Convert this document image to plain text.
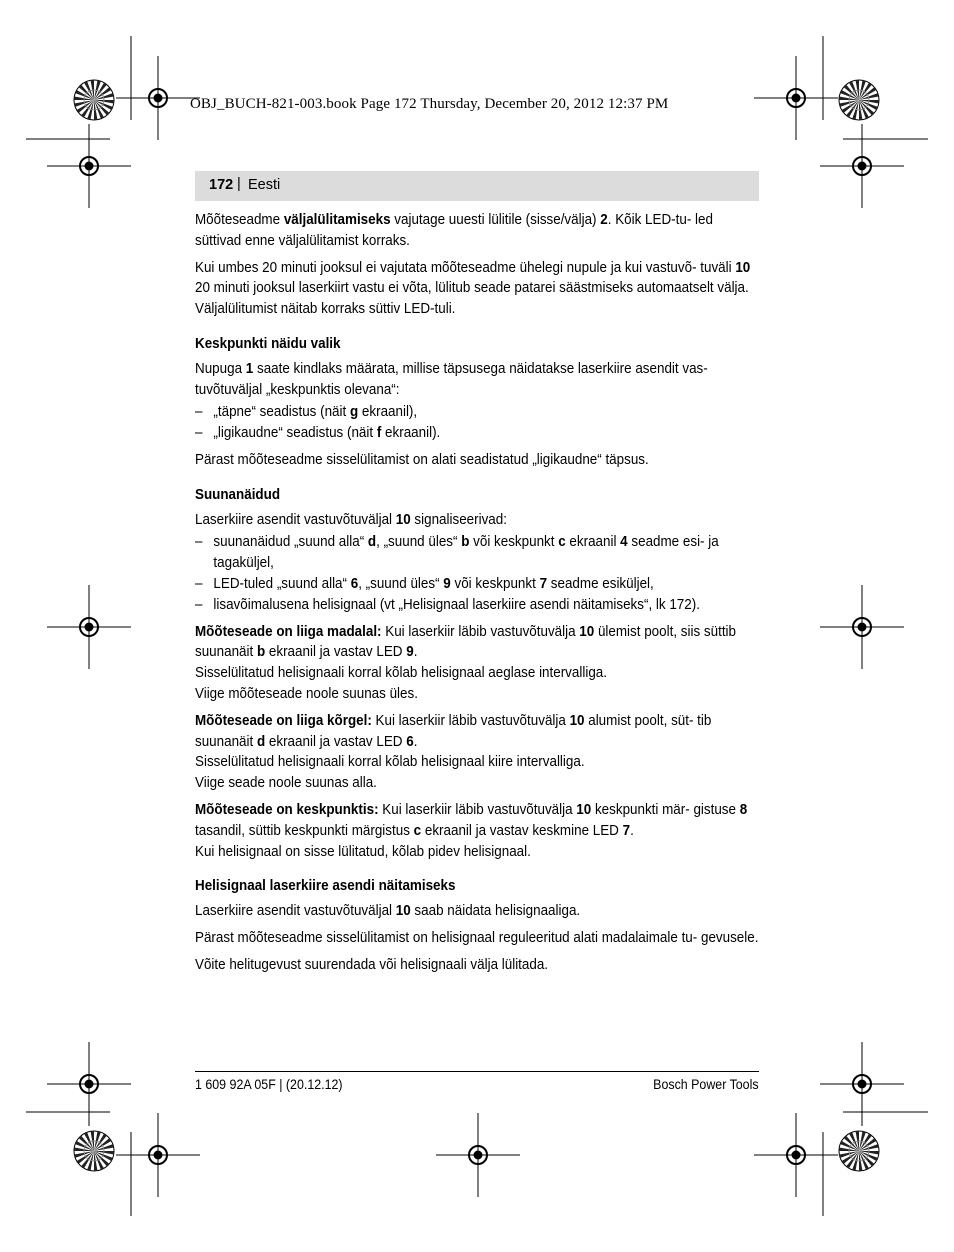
OBJ_BUCH-821-003.book Page 172 Thursday, December 20, 2012 12:37 PM
172 | Eesti

Mõõteseadme väljalülitamiseks vajutage uuesti lülitile (sisse/välja) 2. Kõik LED-tu- led süttivad enne väljalülitamist korraks.

Kui umbes 20 minuti jooksul ei vajutata mõõteseadme ühelegi nupule ja kui vastuvõ- tuväli 10 20 minuti jooksul laserkiirt vastu ei võta, lülitub seade patarei säästmiseks automaatselt välja. Väljalülitumist näitab korraks süttiv LED-tuli.

Keskpunkti näidu valik

Nupuga 1 saate kindlaks määrata, millise täpsusega näidatakse laserkiire asendit vas- tuvõtuväljal „keskpunktis olevana“:

– „täpne“ seadistus (näit g ekraanil),
– „ligikaudne“ seadistus (näit f ekraanil).

Pärast mõõteseadme sisselülitamist on alati seadistatud „ligikaudne“ täpsus.

Suunanäidud

Laserkiire asendit vastuvõtuväljal 10 signaliseerivad:

– suunanäidud „suund alla“ d, „suund üles“ b või keskpunkt c ekraanil 4 seadme esi- ja tagaküljel,
– LED-tuled „suund alla“ 6, „suund üles“ 9 või keskpunkt 7 seadme esiküljel,
– lisavõimalusena helisignaal (vt „Helisignaal laserkiire asendi näitamiseks“, lk 172).

Mõõteseade on liiga madalal: Kui laserkiir läbib vastuvõtuvälja 10 ülemist poolt, siis süttib suunanäit b ekraanil ja vastav LED 9.
Sisselülitatud helisignaali korral kõlab helisignaal aeglase intervalliga.
Viige mõõteseade noole suunas üles.

Mõõteseade on liiga kõrgel: Kui laserkiir läbib vastuvõtuvälja 10 alumist poolt, süt- tib suunanäit d ekraanil ja vastav LED 6.
Sisselülitatud helisignaali korral kõlab helisignaal kiire intervalliga.
Viige seade noole suunas alla.

Mõõteseade on keskpunktis: Kui laserkiir läbib vastuvõtuvälja 10 keskpunkti mär- gistuse 8 tasandil, süttib keskpunkti märgistus c ekraanil ja vastav keskmine LED 7.
Kui helisignaal on sisse lülitatud, kõlab pidev helisignaal.

Helisignaal laserkiire asendi näitamiseks

Laserkiire asendit vastuvõtuväljal 10 saab näidata helisignaaliga.

Pärast mõõteseadme sisselülitamist on helisignaal reguleeritud alati madalaimale tu- gevusele.

Võite helitugevust suurendada või helisignaali välja lülitada.

1 609 92A 05F | (20.12.12)	Bosch Power Tools
